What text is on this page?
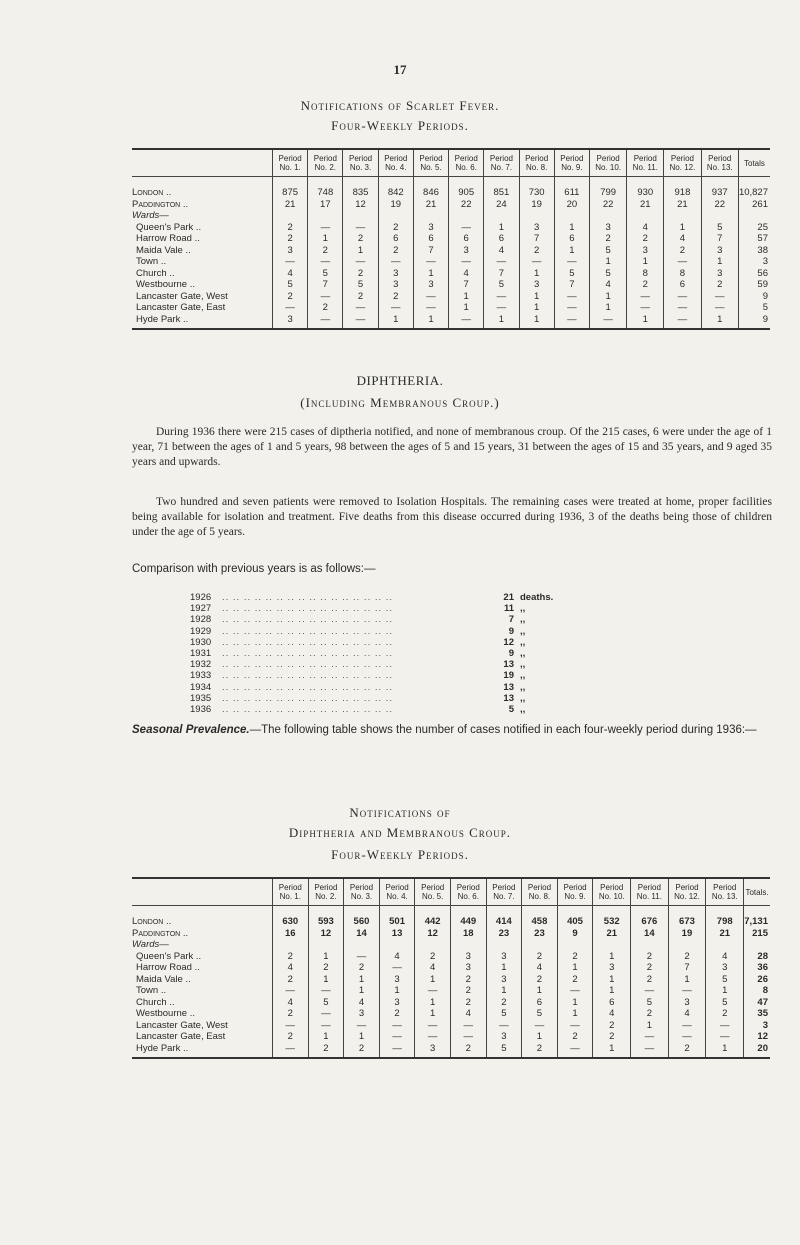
17
Notifications of Scarlet Fever.
Four-Weekly Periods.
	Period No. 1.	Period No. 2.	Period No. 3.	Period No. 4.	Period No. 5.	Period No. 6.	Period No. 7.	Period No. 8.	Period No. 9.	Period No. 10.	Period No. 11.	Period No. 12.	Period No. 13.	Totals

London ..	875	748	835	842	846	905	851	730	611	799	930	918	937	10,827
Paddington ..	21	17	12	19	21	22	24	19	20	22	21	21	22	261
Wards—														
Queen's Park ..	2	—	—	2	3	—	1	3	1	3	4	1	5	25
Harrow Road ..	2	1	2	6	6	6	6	7	6	2	2	4	7	57
Maida Vale ..	3	2	1	2	7	3	4	2	1	5	3	2	3	38
Town ..	—	—	—	—	—	—	—	—	—	1	1	—	1	3
Church ..	4	5	2	3	1	4	7	1	5	5	8	8	3	56
Westbourne ..	5	7	5	3	3	7	5	3	7	4	2	6	2	59
Lancaster Gate, West	2	—	2	2	—	1	—	1	—	1	—	—	—	9
Lancaster Gate, East	—	2	—	—	—	1	—	1	—	1	—	—	—	5
Hyde Park ..	3	—	—	1	1	—	1	1	—	—	1	—	1	9
DIPHTHERIA.
(Including Membranous Croup.)
During 1936 there were 215 cases of diptheria notified, and none of membranous croup. Of the 215 cases, 6 were under the age of 1 year, 71 between the ages of 1 and 5 years, 98 between the ages of 5 and 15 years, 31 between the ages of 15 and 35 years, and 9 aged 35 years and upwards.
Two hundred and seven patients were removed to Isolation Hospitals. The remaining cases were treated at home, proper facilities being available for isolation and treatment. Five deaths from this disease occurred during 1936, 3 of the deaths being those of children under the age of 5 years.
Comparison with previous years is as follows:—
1926	.. .. .. .. .. .. .. .. .. .. .. .. .. .. .. ..	21 deaths.
1927	.. .. .. .. .. .. .. .. .. .. .. .. .. .. .. ..	11 ,,
1928	.. .. .. .. .. .. .. .. .. .. .. .. .. .. .. ..	7 ,,
1929	.. .. .. .. .. .. .. .. .. .. .. .. .. .. .. ..	9 ,,
1930	.. .. .. .. .. .. .. .. .. .. .. .. .. .. .. ..	12 ,,
1931	.. .. .. .. .. .. .. .. .. .. .. .. .. .. .. ..	9 ,,
1932	.. .. .. .. .. .. .. .. .. .. .. .. .. .. .. ..	13 ,,
1933	.. .. .. .. .. .. .. .. .. .. .. .. .. .. .. ..	19 ,,
1934	.. .. .. .. .. .. .. .. .. .. .. .. .. .. .. ..	13 ,,
1935	.. .. .. .. .. .. .. .. .. .. .. .. .. .. .. ..	13 ,,
1936	.. .. .. .. .. .. .. .. .. .. .. .. .. .. .. ..	5 ,,
Seasonal Prevalence.—The following table shows the number of cases notified in each four-weekly period during 1936:—
Notifications of
Diphtheria and Membranous Croup.
Four-Weekly Periods.
	Period No. 1.	Period No. 2.	Period No. 3.	Period No. 4.	Period No. 5.	Period No. 6.	Period No. 7.	Period No. 8.	Period No. 9.	Period No. 10.	Period No. 11.	Period No. 12.	Period No. 13.	Totals.

London ..	630	593	560	501	442	449	414	458	405	532	676	673	798	7,131
Paddington ..	16	12	14	13	12	18	23	23	9	21	14	19	21	215
Wards—														
Queen's Park ..	2	1	—	4	2	3	3	2	2	1	2	2	4	28
Harrow Road ..	4	2	2	—	4	3	1	4	1	3	2	7	3	36
Maida Vale ..	2	1	1	3	1	2	3	2	2	1	2	1	5	26
Town ..	—	—	1	1	—	2	1	1	—	1	—	—	1	8
Church ..	4	5	4	3	1	2	2	6	1	6	5	3	5	47
Westbourne ..	2	—	3	2	1	4	5	5	1	4	2	4	2	35
Lancaster Gate, West	—	—	—	—	—	—	—	—	—	2	1	—	—	3
Lancaster Gate, East	2	1	1	—	—	—	3	1	2	2	—	—	—	12
Hyde Park ..	—	2	2	—	3	2	5	2	—	1	—	2	1	20
